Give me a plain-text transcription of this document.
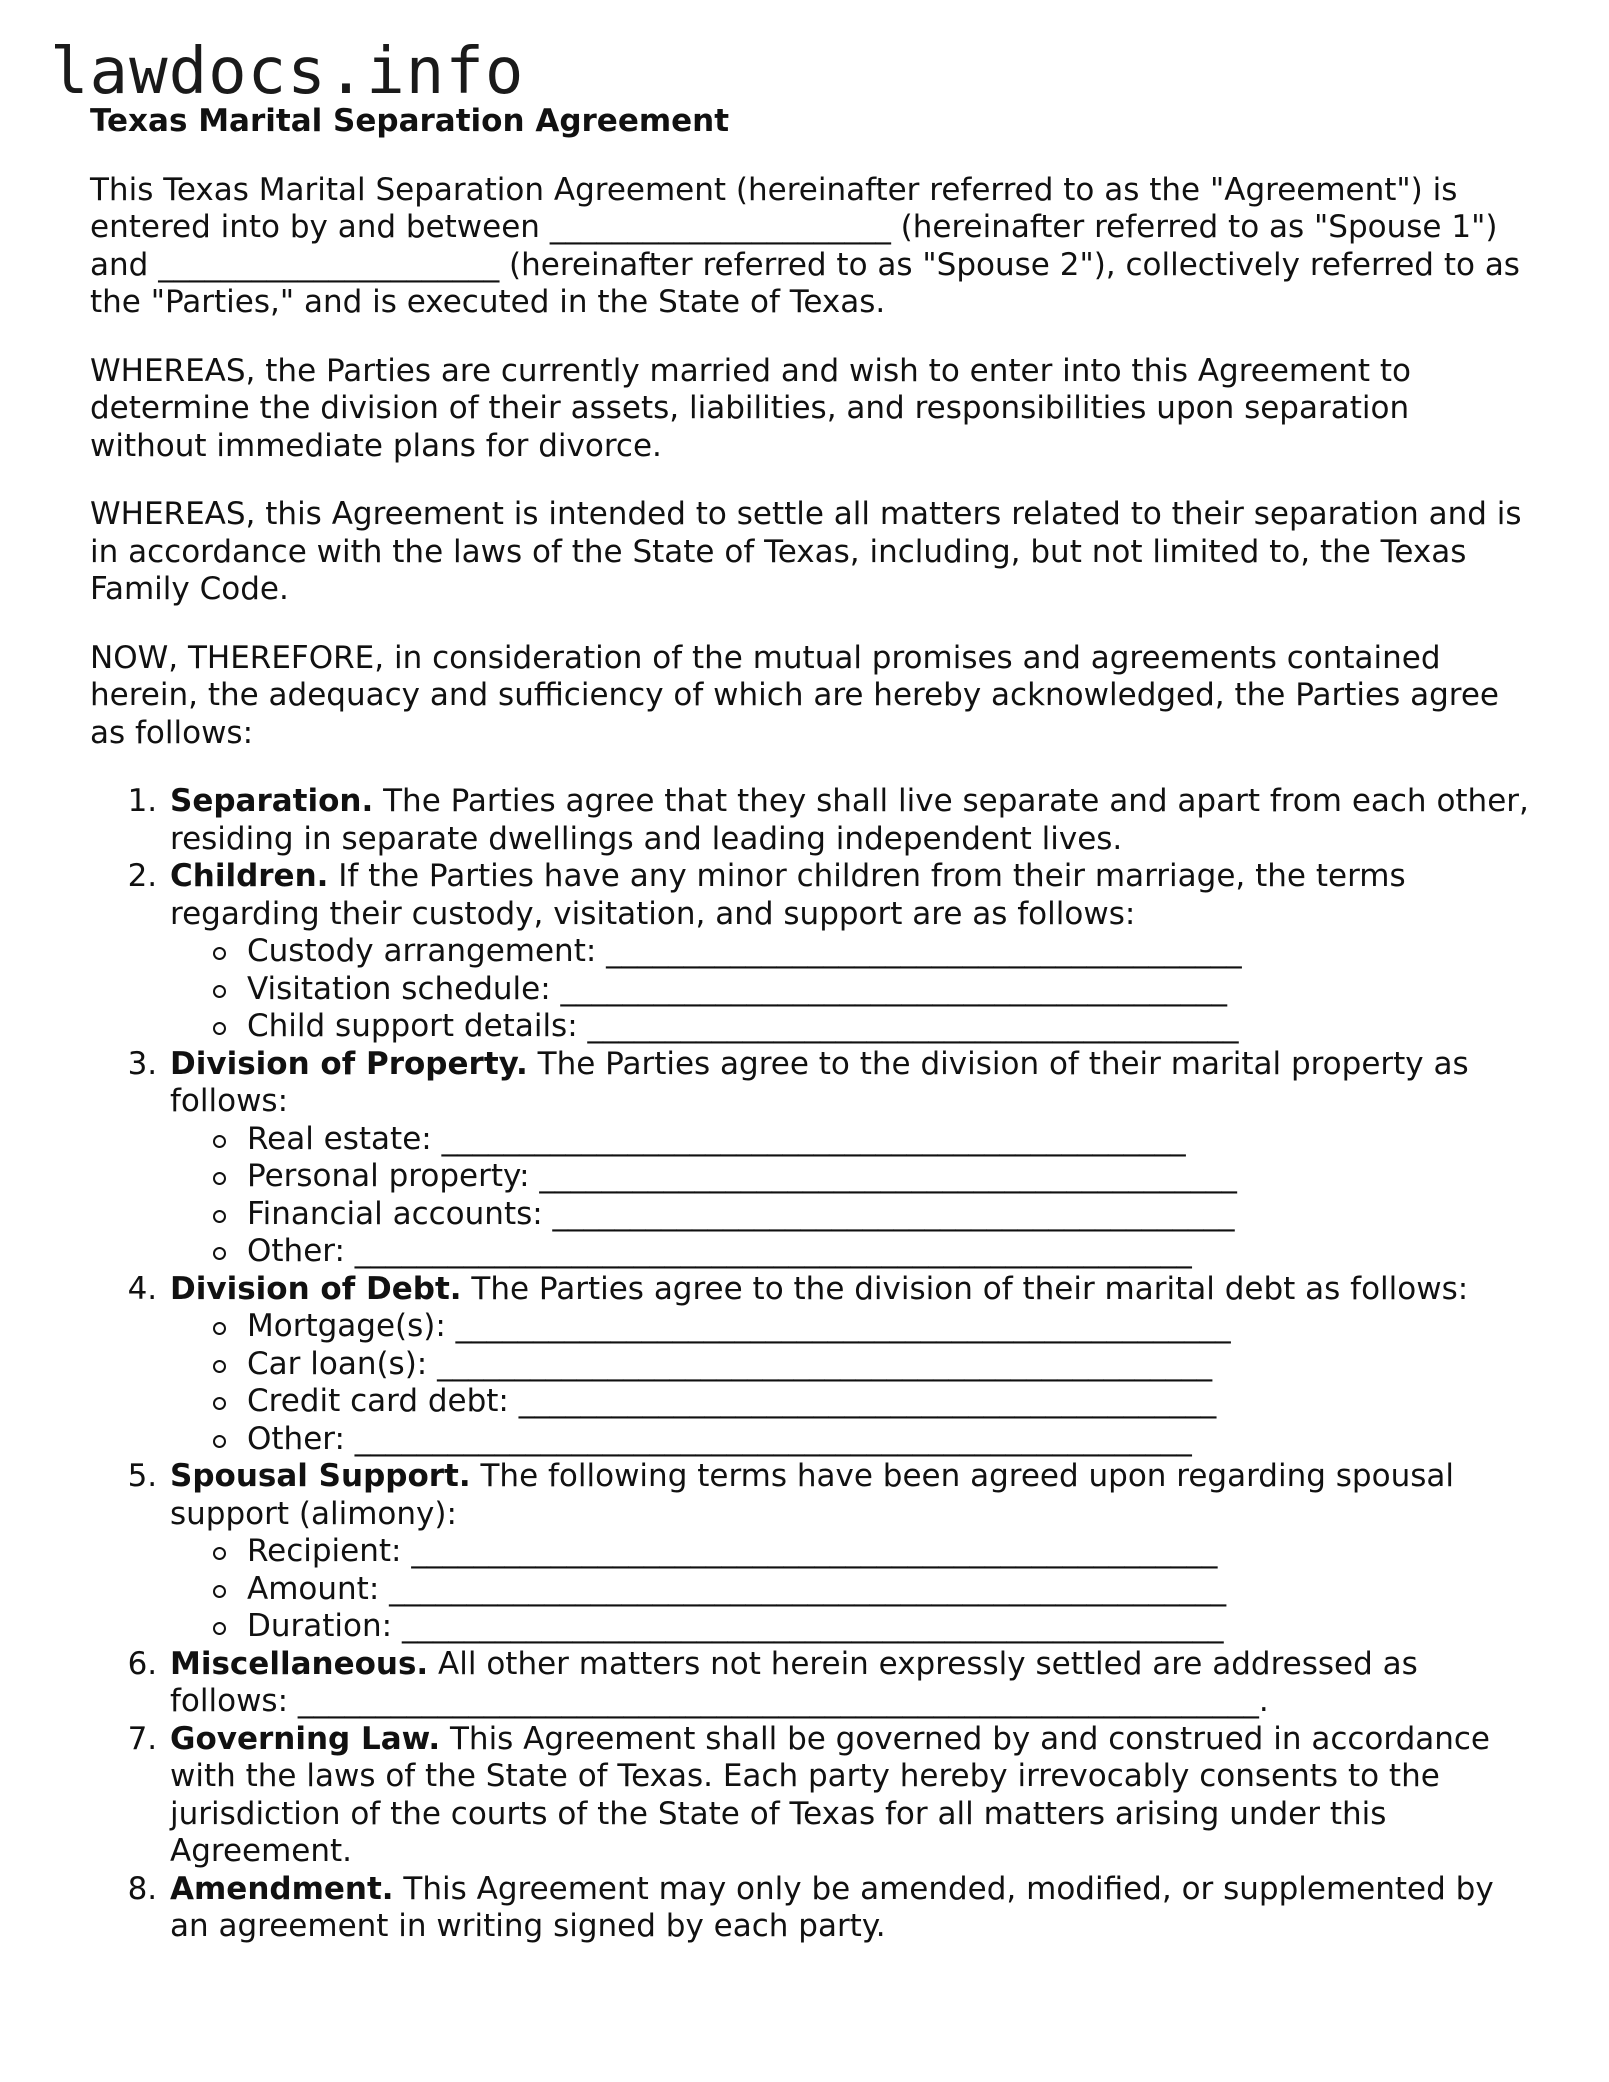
lawdocs.info
Texas Marital Separation Agreement

This Texas Marital Separation Agreement (hereinafter referred to as the "Agreement") is entered into by and between ______________________ (hereinafter referred to as "Spouse 1") and ______________________ (hereinafter referred to as "Spouse 2"), collectively referred to as the "Parties," and is executed in the State of Texas.

WHEREAS, the Parties are currently married and wish to enter into this Agreement to determine the division of their assets, liabilities, and responsibilities upon separation without immediate plans for divorce.

WHEREAS, this Agreement is intended to settle all matters related to their separation and is in accordance with the laws of the State of Texas, including, but not limited to, the Texas Family Code.

NOW, THEREFORE, in consideration of the mutual promises and agreements contained herein, the adequacy and sufficiency of which are hereby acknowledged, the Parties agree as follows:

1. Separation. The Parties agree that they shall live separate and apart from each other, residing in separate dwellings and leading independent lives.
2. Children. If the Parties have any minor children from their marriage, the terms regarding their custody, visitation, and support are as follows:
Custody arrangement: _________________________________________
Visitation schedule: ___________________________________________
Child support details: __________________________________________
3. Division of Property. The Parties agree to the division of their marital property as follows:
Real estate: ________________________________________________
Personal property: _____________________________________________
Financial accounts: ____________________________________________
Other: ______________________________________________________
4. Division of Debt. The Parties agree to the division of their marital debt as follows:
Mortgage(s): __________________________________________________
Car loan(s): __________________________________________________
Credit card debt: _____________________________________________
Other: ______________________________________________________
5. Spousal Support. The following terms have been agreed upon regarding spousal support (alimony):
Recipient: ____________________________________________________
Amount: ______________________________________________________
Duration: _____________________________________________________
6. Miscellaneous. All other matters not herein expressly settled are addressed as follows: ______________________________________________________________.
7. Governing Law. This Agreement shall be governed by and construed in accordance with the laws of the State of Texas. Each party hereby irrevocably consents to the jurisdiction of the courts of the State of Texas for all matters arising under this Agreement.
8. Amendment. This Agreement may only be amended, modified, or supplemented by an agreement in writing signed by each party.
